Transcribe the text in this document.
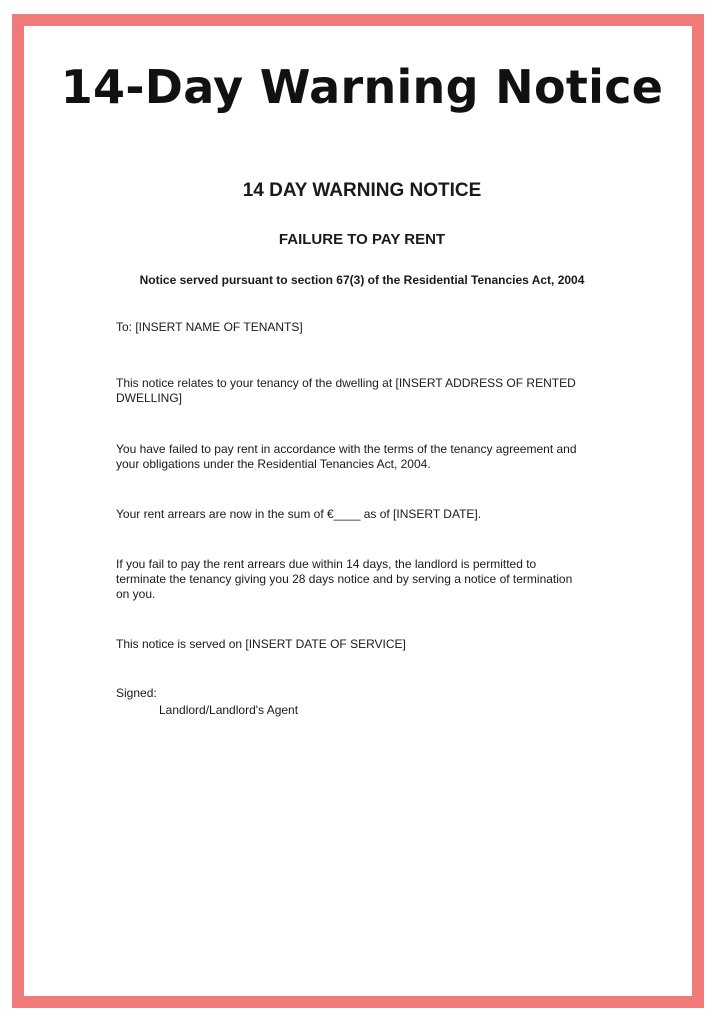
14-Day Warning Notice

14 DAY WARNING NOTICE

FAILURE TO PAY RENT

Notice served pursuant to section 67(3) of the Residential Tenancies Act, 2004

To: [INSERT NAME OF TENANTS]

This notice relates to your tenancy of the dwelling at [INSERT ADDRESS OF RENTED DWELLING]

You have failed to pay rent in accordance with the terms of the tenancy agreement and your obligations under the Residential Tenancies Act, 2004.

Your rent arrears are now in the sum of €____ as of [INSERT DATE].

If you fail to pay the rent arrears due within 14 days, the landlord is permitted to terminate the tenancy giving you 28 days notice and by serving a notice of termination on you.

This notice is served on [INSERT DATE OF SERVICE]

Signed:

Landlord/Landlord's Agent
